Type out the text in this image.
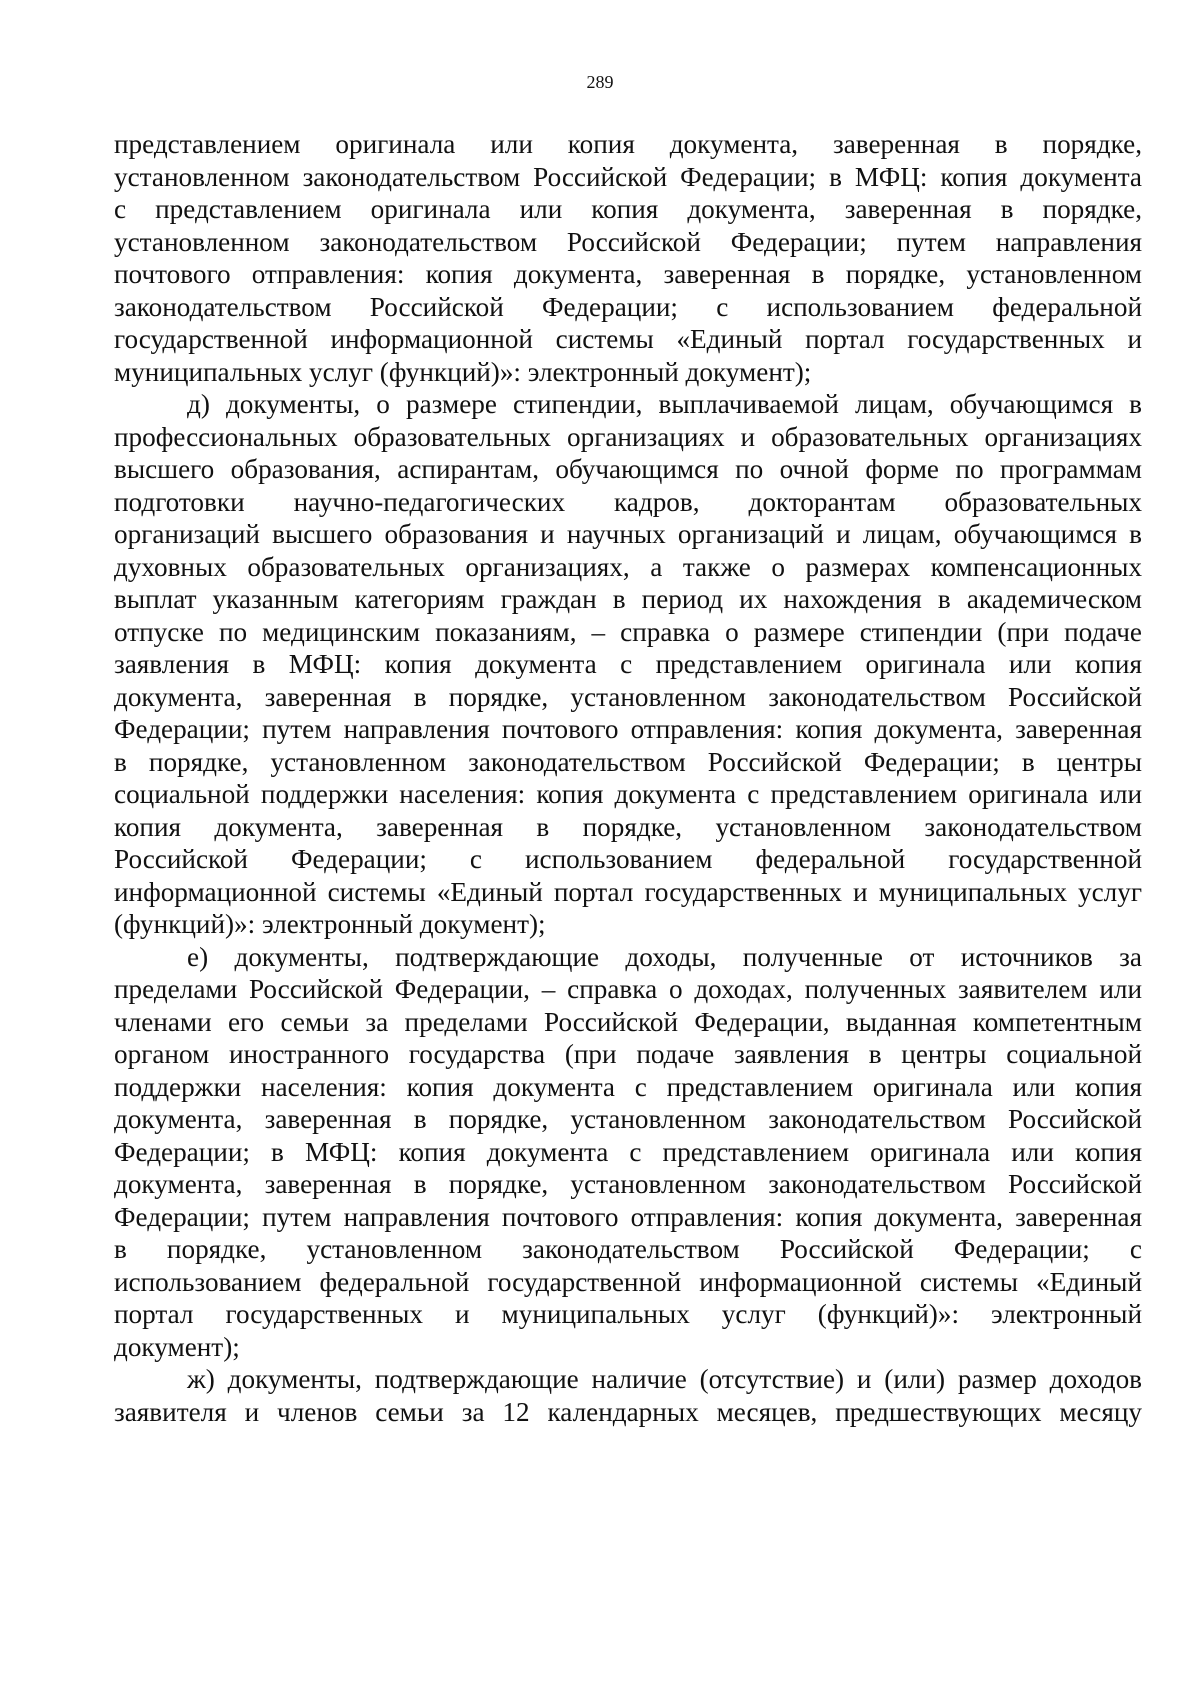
289
представлением оригинала или копия документа, заверенная в порядке,
установленном законодательством Российской Федерации; в МФЦ: копия документа
с представлением оригинала или копия документа, заверенная в порядке,
установленном законодательством Российской Федерации; путем направления
почтового отправления: копия документа, заверенная в порядке, установленном
законодательством Российской Федерации; с использованием федеральной
государственной информационной системы «Единый портал государственных и
муниципальных услуг (функций)»: электронный документ);
д) документы, о размере стипендии, выплачиваемой лицам, обучающимся в
профессиональных образовательных организациях и образовательных организациях
высшего образования, аспирантам, обучающимся по очной форме по программам
подготовки научно-педагогических кадров, докторантам образовательных
организаций высшего образования и научных организаций и лицам, обучающимся в
духовных образовательных организациях, а также о размерах компенсационных
выплат указанным категориям граждан в период их нахождения в академическом
отпуске по медицинским показаниям, – справка о размере стипендии (при подаче
заявления в МФЦ: копия документа с представлением оригинала или копия
документа, заверенная в порядке, установленном законодательством Российской
Федерации; путем направления почтового отправления: копия документа, заверенная
в порядке, установленном законодательством Российской Федерации; в центры
социальной поддержки населения: копия документа с представлением оригинала или
копия документа, заверенная в порядке, установленном законодательством
Российской Федерации; с использованием федеральной государственной
информационной системы «Единый портал государственных и муниципальных услуг
(функций)»: электронный документ);
е) документы, подтверждающие доходы, полученные от источников за
пределами Российской Федерации, – справка о доходах, полученных заявителем или
членами его семьи за пределами Российской Федерации, выданная компетентным
органом иностранного государства (при подаче заявления в центры социальной
поддержки населения: копия документа с представлением оригинала или копия
документа, заверенная в порядке, установленном законодательством Российской
Федерации; в МФЦ: копия документа с представлением оригинала или копия
документа, заверенная в порядке, установленном законодательством Российской
Федерации; путем направления почтового отправления: копия документа, заверенная
в порядке, установленном законодательством Российской Федерации; с
использованием федеральной государственной информационной системы «Единый
портал государственных и муниципальных услуг (функций)»: электронный
документ);
ж) документы, подтверждающие наличие (отсутствие) и (или) размер доходов
заявителя и членов семьи за 12 календарных месяцев, предшествующих месяцу
